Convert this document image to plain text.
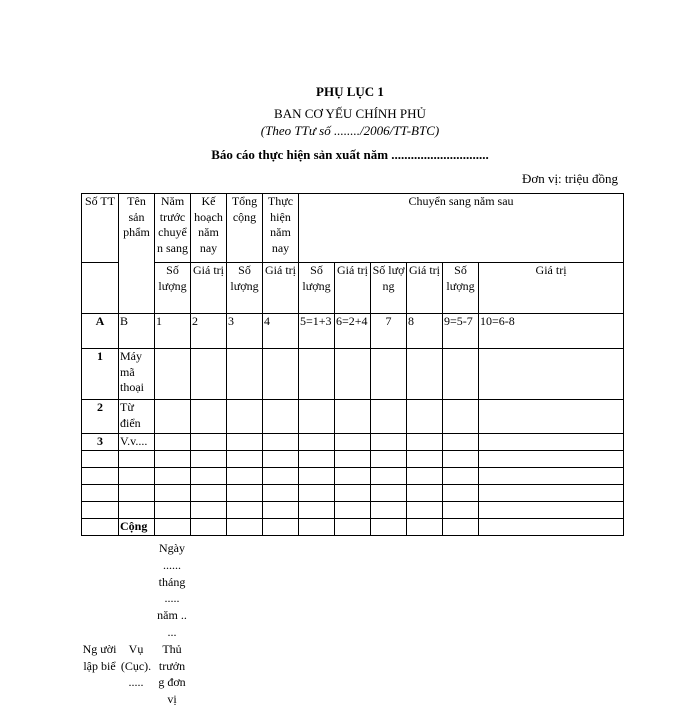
PHỤ LỤC 1
BAN CƠ YẾU CHÍNH PHỦ
(Theo TTư số ......../2006/TT-BTC)
Báo cáo thực hiện sản xuất năm ..............................
Đơn vị: triệu đồng
Số TT	Tên sản phẩm	Năm trước chuyển sang	Kế hoạch năm nay	Tổng cộng	Thực hiện năm nay	Chuyển sang năm sau					
		Số lượng	Giá trị	Số lượng	Giá trị	Số lượng	Giá trị	Số lượ ng	Giá trị	Số lượng	Giá trị
A	B	1	2	3	4	5=1+3	6=2+4	7	8	9=5-7	10=6-8
1	Máy mã thoại										
2	Từ điển										
3	V.v....										

	Cộng										
		Ngày ...... tháng ..... năm .. ...
Ng ười lập biể	Vụ (Cục). .....	Thủ trưởn g đơn vị
